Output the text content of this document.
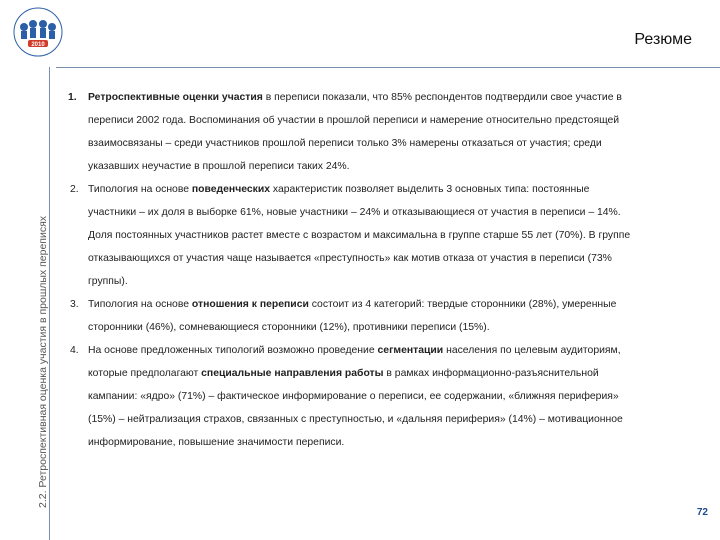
2010	Резюме
2.2. Ретроспективная оценка участия в прошлых переписях
1. Ретроспективные оценки участия в переписи показали, что 85% респондентов подтвердили свое участие в переписи 2002 года. Воспоминания об участии в прошлой переписи и намерение относительно предстоящей взаимосвязаны – среди участников прошлой переписи только 3% намерены отказаться от участия; среди указавших неучастие в прошлой переписи таких 24%.
2. Типология на основе поведенческих характеристик позволяет выделить 3 основных типа: постоянные участники – их доля в выборке 61%, новые участники – 24% и отказывающиеся от участия в переписи – 14%. Доля постоянных участников растет вместе с возрастом и максимальна в группе старше 55 лет (70%). В группе отказывающихся от участия чаще называется «преступность» как мотив отказа от участия в переписи (73% группы).
3. Типология на основе отношения к переписи состоит из 4 категорий: твердые сторонники (28%), умеренные сторонники (46%), сомневающиеся сторонники (12%), противники переписи (15%).
4. На основе предложенных типологий возможно проведение сегментации населения по целевым аудиториям, которые предполагают специальные направления работы в рамках информационно-разъяснительной кампании: «ядро» (71%) – фактическое информирование о переписи, ее содержании, «ближняя периферия» (15%) – нейтрализация страхов, связанных с преступностью, и «дальняя периферия» (14%) – мотивационное информирование, повышение значимости переписи.
72
